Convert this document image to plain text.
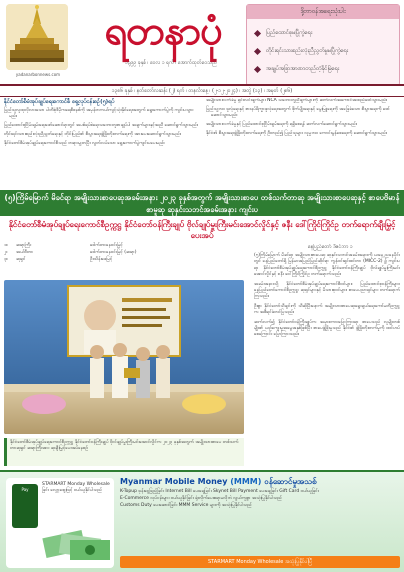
yadanarbonnews.com
ရတနာပုံ
၁၃၉၉ ခုနှစ် ၊ ဝေလ ၁ ရက် ၊ အောက်ထုတ်ဝေသည်
ဒို့တာဝန်အရေးသုံးပါး
ပြည်ထောင်စုမပြိုကွဲရေး
တိုင်းရင်းသားစည်းလုံးညီညွတ်မှုမပြိုကွဲရေး
အချုပ်အခြာအာဏာတည်တံ့ခိုင်မြဲရေး
၁၃၈၆ ခုနှစ် ၊ နတ်တော်လဆန်း (၂) ရက် ၊ တနင်္လာနေ့ ၊ (၂-၁၂-၂၀၂၄) ၊ အတွဲ (၁၃) ၊ အမှတ် (၂၈၆)
နိုင်ငံတော်စီမံအုပ်ချုပ်ရေးကောင်စီ ရှေ့လုပ်ငန်းစဉ်(၅)ရပ်
ပြည်သူလူထုလိုလားသော ပါတီစုံဒီမိုကရေစီစနစ်ကို အမှန်တကယ်ကျင့်သုံးနိုင်ရေးအတွက် ရွေးကောက်ပွဲကို ကျင်းပသွားမည်။
ပြည်ထောင်စုငြိမ်းချမ်းရေးဖော်ဆောင်ရာတွင် အပစ်ရပ်စဲရေးသဘောတူစာချုပ်ပါ အချက်များနှင့်အညီ ဆောင်ရွက်သွားမည်။
တိုင်းရင်းသားစည်းလုံးညီညွတ်ရေးနှင့် တိုင်းပြည်၏ စီးပွားရေးဖွံ့ဖြိုးတိုးတက်ရေးကို အားပေးဆောင်ရွက်သွားမည်။
နိုင်ငံတော်စီမံအုပ်ချုပ်ရေးကောင်စီသည် တရားမျှတပြီး လွတ်လပ်သော ရွေးကောက်ပွဲကျင်းပပေးမည်။
အမျိုးသားလက်ခံမှု ရှင်းလင်းချက်များ NCA သဘောတူညီချက်များကို ဆက်လက်အကောင်အထည်ဖော်သွားမည်။
ပြည်သူ့ဘဝ ဖူလုံရေးနှင့် စားနပ်ရိက္ခာဖူလုံရေးအတွက် စိုက်ပျိုးရေးနှင့် မွေးမြူရေးကို အခြေခံသော စီးပွားရေးကို ဖော်ဆောင်သွားမည်။
အမျိုးသားလက်ခံမှုနှင့် ပြည်ထောင်စုငြိမ်းချမ်းရေးကို ရရှိစေရန် ဆက်လက်ဆောင်ရွက်သွားမည်။
နိုင်ငံ၏ စီးပွားရေးဖွံ့ဖြိုးတိုးတက်ရေးကို ဦးတည်၍ ပြည်သူများ လူမှုဘဝ ကောင်းမွန်စေရေးကို ဆောင်ရွက်သွားမည်။
(၅)ကြိမ်မြောက် မိခင်ရာ အမျိုးသားစာပေဆုအခမ်းအနား ၂၀၂၃ ခုနှစ်အတွက် အမျိုးသားစာပေ တစ်သက်တာဆု အမျိုးသားစာပေဆုနှင့် စာပေဗိမာန်စာမူဆု ဆုနှင်းသဘင်အခမ်းအနား ကျင်းပ
နိုင်ငံတော်စီမံအုပ်ချုပ်ရေးကောင်စီဥက္ကဋ္ဌ နိုင်ငံတော်ဝန်ကြီးချုပ် ဗိုလ်ချုပ်မှူးကြီးမင်းအောင်လှိုင်နှင့် ဇနီး ဒေါ်ကြိုင်ကြိုင်ဥ တက်ရောက်ချီးမြှင့်ပေးအပ်
၁။	ဆရာကြီး	ဒေါက်တာနေဝင်းမြင့်
၂။	အယ်ဒီတာ	ဒေါက်တာနေဝင်းမြင့် (ဆရာ)
၃။	ဆုရှင်	ဦးသိန်းဖေမြင့်
နိုင်ငံတော်စီမံအုပ်ချုပ်ရေးကောင်စီဥက္ကဋ္ဌ နိုင်ငံတော်ဝန်ကြီးချုပ် ဗိုလ်ချုပ်မှူးကြီးမင်းအောင်လှိုင်က ၂၀၂၃ ခုနှစ်အတွက် အမျိုးသားစာပေ တစ်သက်တာဆုရှင် ဆရာကြီးအား ဆုချီးမြှင့်ပေးအပ်နေစဉ်
နေပြည်တော် ဒီဇင်ဘာ ၁
(၅)ကြိမ်မြောက် မိခင်ရာ အမျိုးသားစာပေဆု ဆုနှင်းသဘင်အခမ်းအနားကို ယနေ့ ညနေပိုင်းတွင် နေပြည်တော်ရှိ မြန်မာအပြည်ပြည်ဆိုင်ရာ ကွန်ဗင်းရှင်းစင်တာ (MICC-2) ၌ ကျင်းပရာ နိုင်ငံတော်စီမံအုပ်ချုပ်ရေးကောင်စီဥက္ကဋ္ဌ နိုင်ငံတော်ဝန်ကြီးချုပ် ဗိုလ်ချုပ်မှူးကြီးမင်းအောင်လှိုင်နှင့် ဇနီး ဒေါ်ကြိုင်ကြိုင်ဥ တက်ရောက်သည်။
အခမ်းအနားသို့ နိုင်ငံတော်စီမံအုပ်ချုပ်ရေးကောင်စီဝင်များ၊ ပြည်ထောင်စုဝန်ကြီးများ၊ နေပြည်တော်ကောင်စီဥက္ကဋ္ဌ၊ ဆုရှင်များနှင့် မိသားစုဝင်များ၊ စာပေပညာရှင်များ တက်ရောက်ကြသည်။
ဦးစွာ နိုင်ငံတော်သီချင်းကို သီဆိုပြီးနောက် အမျိုးသားစာပေဆုရွေးချယ်ရေးကော်မတီဥက္ကဋ္ဌက အစီရင်ခံတင်ပြသည်။
ဆက်လက်၍ နိုင်ငံတော်ဝန်ကြီးချုပ်က အမှာစကားပြောကြားရာ စာပေသည် လူမျိုးတစ်မျိုး၏ ယဉ်ကျေးမှုအမွေအနှစ်ဖြစ်ပြီး စာပေဖွံ့ဖြိုးမှုသည် နိုင်ငံ၏ ဖွံ့ဖြိုးတိုးတက်မှုကို ထင်ဟပ်စေကြောင်း ပြောကြားသည်။
Pay
STARMART Monday Wholesale ခြင်း လျှော့စျေးဖြင့် ဝယ်ယူနိုင်ပါသည်
Myanmar Mobile Money (MMM) ဝန်ဆောင်မှုအသစ်
K-Topup ဖုန်းငွေဖြည့်ခြင်း Internet Bill ပေးချေခြင်း Skynet Bill Payment ပေးချေခြင်း Gift Card ဝယ်ယူခြင်း
E-Commerce လုပ်ငန်းများ ဝယ်ယူနိုင်ခြင်း ရုံးလိုက်ပေးစရာမလိုဘဲ လွယ်ကူစွာ အသုံးပြုနိုင်ပါသည်
Customs Duty ပေးဆောင်ခြင်း MMM Service များကို အသုံးပြုနိုင်ပါသည်
STARMART Monday Wholesale အသုံးပြုနိုင်ပါပြီ
